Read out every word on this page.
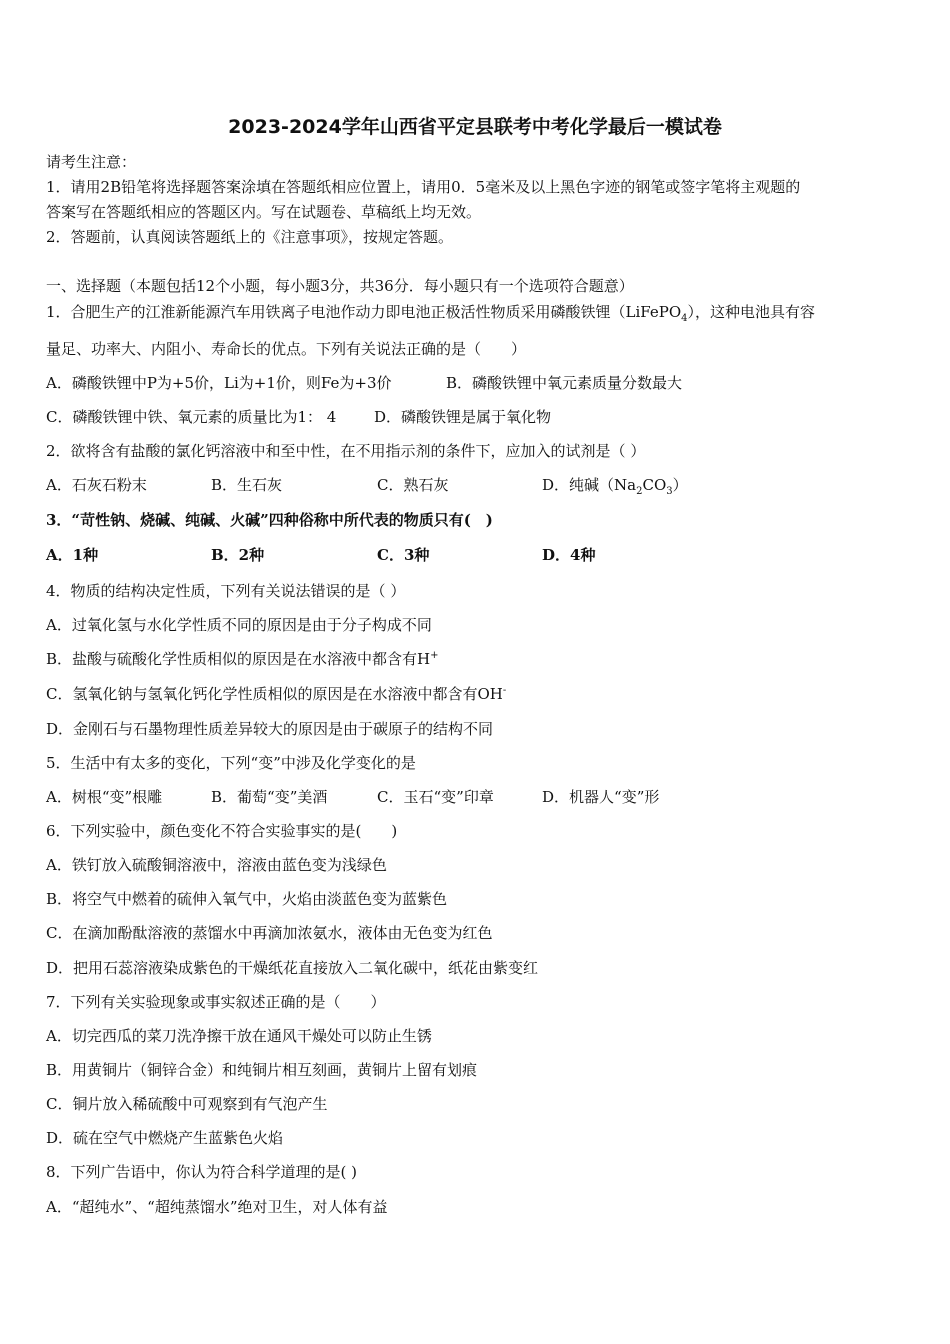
2023-2024学年山西省平定县联考中考化学最后一模试卷
请考生注意：
1．请用2B铅笔将选择题答案涂填在答题纸相应位置上，请用0．5毫米及以上黑色字迹的钢笔或签字笔将主观题的
答案写在答题纸相应的答题区内。写在试题卷、草稿纸上均无效。
2．答题前，认真阅读答题纸上的《注意事项》，按规定答题。
一、选择题（本题包括12个小题，每小题3分，共36分．每小题只有一个选项符合题意）
1．合肥生产的江淮新能源汽车用铁离子电池作动力即电池正极活性物质采用磷酸铁锂（LiFePO$_4$），这种电池具有容
量足、功率大、内阻小、寿命长的优点。下列有关说法正确的是（　　）
A．磷酸铁锂中P为+5价，Li为+1价，则Fe为+3价	B．磷酸铁锂中氧元素质量分数最大
C．磷酸铁锂中铁、氧元素的质量比为1： 4	D．磷酸铁锂是属于氧化物
2．欲将含有盐酸的氯化钙溶液中和至中性，在不用指示剂的条件下，应加入的试剂是（ ）
A．石灰石粉末	B．生石灰	C．熟石灰	D．纯碱$(Na_2CO_3)$
3．“苛性钠、烧碱、纯碱、火碱”四种俗称中所代表的物质只有(　)
A．1种	B．2种	C．3种	D．4种
4．物质的结构决定性质，下列有关说法错误的是（ ）
A．过氧化氢与水化学性质不同的原因是由于分子构成不同
B．盐酸与硫酸化学性质相似的原因是在水溶液中都含有H+
C．氢氧化钠与氢氧化钙化学性质相似的原因是在水溶液中都含有OH-
D．金刚石与石墨物理性质差异较大的原因是由于碳原子的结构不同
5．生活中有太多的变化，下列“变”中涉及化学变化的是
A．树根“变”根雕	B．葡萄“变”美酒	C．玉石“变”印章	D．机器人“变”形
6．下列实验中，颜色变化不符合实验事实的是(　　)
A．铁钉放入硫酸铜溶液中，溶液由蓝色变为浅绿色
B．将空气中燃着的硫伸入氧气中，火焰由淡蓝色变为蓝紫色
C．在滴加酚酞溶液的蒸馏水中再滴加浓氨水，液体由无色变为红色
D．把用石蕊溶液染成紫色的干燥纸花直接放入二氧化碳中，纸花由紫变红
7．下列有关实验现象或事实叙述正确的是（　　）
A．切完西瓜的菜刀洗净擦干放在通风干燥处可以防止生锈
B．用黄铜片（铜锌合金）和纯铜片相互刻画，黄铜片上留有划痕
C．铜片放入稀硫酸中可观察到有气泡产生
D．硫在空气中燃烧产生蓝紫色火焰
8．下列广告语中，你认为符合科学道理的是( )
A．“超纯水”、“超纯蒸馏水”绝对卫生，对人体有益
